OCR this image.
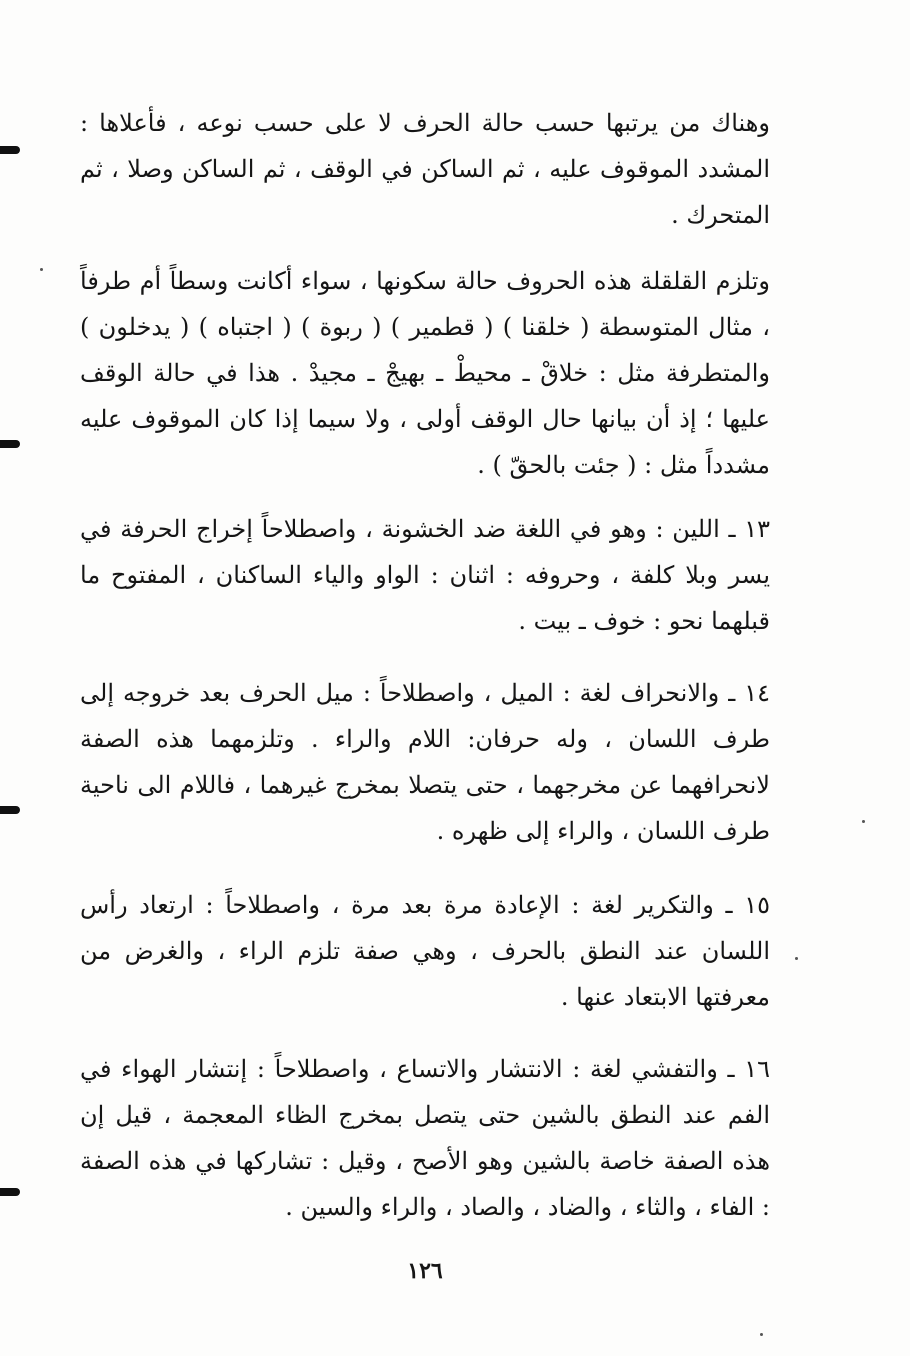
وهناك من يرتبها حسب حالة الحرف لا على حسب نوعه ، فأعلاها : المشدد الموقوف عليه ، ثم الساكن في الوقف ، ثم الساكن وصلا ، ثم المتحرك .

وتلزم القلقلة هذه الحروف حالة سكونها ، سواء أكانت وسطاً أم طرفاً ، مثال المتوسطة ( خلقنا ) ( قطمير ) ( ربوة ) ( اجتباه ) ( يدخلون ) والمتطرفة مثل : خلاقْ ـ محيطْ ـ بهيجْ ـ مجيدْ . هذا في حالة الوقف عليها ؛ إذ أن بيانها حال الوقف أولى ، ولا سيما إذا كان الموقوف عليه مشدداً مثل : ( جئت بالحقّ ) .

١٣ ـ اللين : وهو في اللغة ضد الخشونة ، واصطلاحاً إخراج الحرفة في يسر وبلا كلفة ، وحروفه : اثنان : الواو والياء الساكنان ، المفتوح ما قبلهما نحو : خوف ـ بيت .

١٤ ـ والانحراف لغة : الميل ، واصطلاحاً : ميل الحرف بعد خروجه إلى طرف اللسان ، وله حرفان: اللام والراء . وتلزمهما هذه الصفة لانحرافهما عن مخرجهما ، حتى يتصلا بمخرج غيرهما ، فاللام الى ناحية طرف اللسان ، والراء إلى ظهره .

١٥ ـ والتكرير لغة : الإعادة مرة بعد مرة ، واصطلاحاً : ارتعاد رأس اللسان عند النطق بالحرف ، وهي صفة تلزم الراء ، والغرض من معرفتها الابتعاد عنها .

١٦ ـ والتفشي لغة : الانتشار والاتساع ، واصطلاحاً : إنتشار الهواء في الفم عند النطق بالشين حتى يتصل بمخرج الظاء المعجمة ، قيل إن هذه الصفة خاصة بالشين وهو الأصح ، وقيل : تشاركها في هذه الصفة : الفاء ، والثاء ، والضاد ، والصاد ، والراء والسين .

١٢٦
